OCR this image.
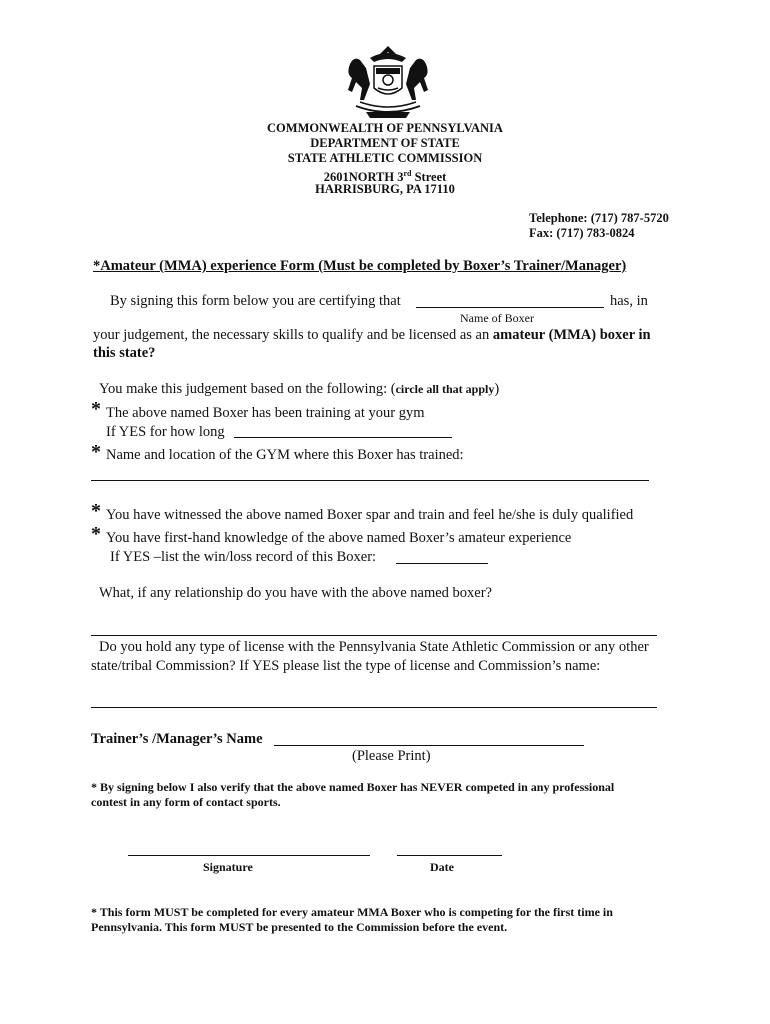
COMMONWEALTH OF PENNSYLVANIA
DEPARTMENT OF STATE
STATE ATHLETIC COMMISSION
2601NORTH 3rd Street
HARRISBURG, PA 17110
Telephone: (717) 787-5720
Fax: (717) 783-0824
*Amateur (MMA) experience Form (Must be completed by Boxer’s Trainer/Manager)
By signing this form below you are certifying that	has, in
Name of Boxer
your judgement, the necessary skills to qualify and be licensed as an amateur (MMA) boxer in
this state?
You make this judgement based on the following: (circle all that apply)
* The above named Boxer has been training at your gym
If YES for how long
* Name and location of the GYM where this Boxer has trained:
* You have witnessed the above named Boxer spar and train and feel he/she is duly qualified
* You have first-hand knowledge of the above named Boxer’s amateur experience
If YES –list the win/loss record of this Boxer:
What, if any relationship do you have with the above named boxer?
Do you hold any type of license with the Pennsylvania State Athletic Commission or any other
state/tribal Commission? If YES please list the type of license and Commission’s name:
Trainer’s /Manager’s Name
(Please Print)
* By signing below I also verify that the above named Boxer has NEVER competed in any professional
contest in any form of contact sports.
Signature	Date
* This form MUST be completed for every amateur MMA Boxer who is competing for the first time in
Pennsylvania. This form MUST be presented to the Commission before the event.
